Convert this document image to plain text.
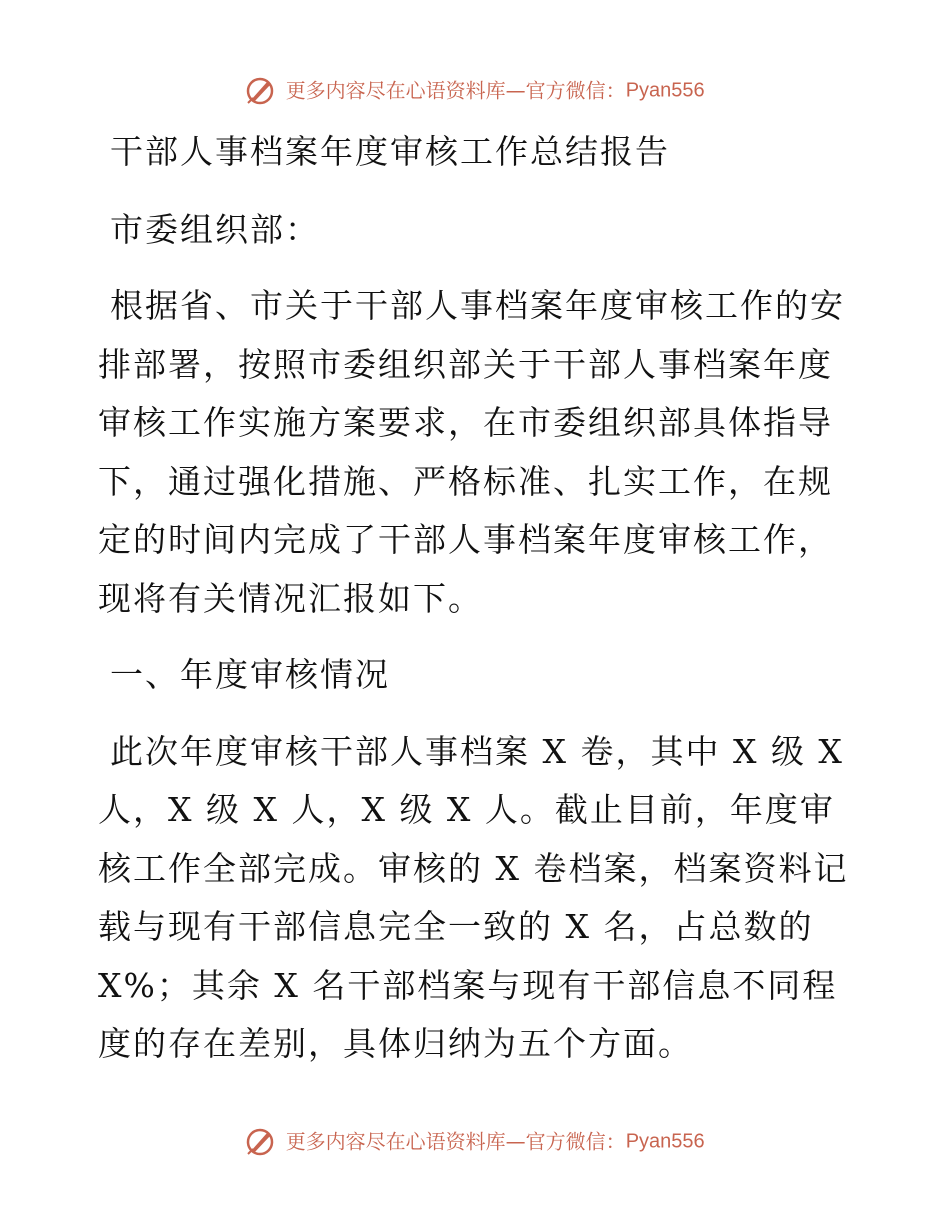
更多内容尽在心语资料库—官方微信：Pyan556

干部人事档案年度审核工作总结报告

市委组织部：

根据省、市关于干部人事档案年度审核工作的安排部署，按照市委组织部关于干部人事档案年度审核工作实施方案要求，在市委组织部具体指导下，通过强化措施、严格标准、扎实工作，在规定的时间内完成了干部人事档案年度审核工作，现将有关情况汇报如下。

一、年度审核情况

此次年度审核干部人事档案 X 卷，其中 X 级 X 人，X 级 X 人，X 级 X 人。截止目前，年度审核工作全部完成。审核的 X 卷档案，档案资料记载与现有干部信息完全一致的 X 名，占总数的 X%；其余 X 名干部档案与现有干部信息不同程度的存在差别，具体归纳为五个方面。

更多内容尽在心语资料库—官方微信：Pyan556
